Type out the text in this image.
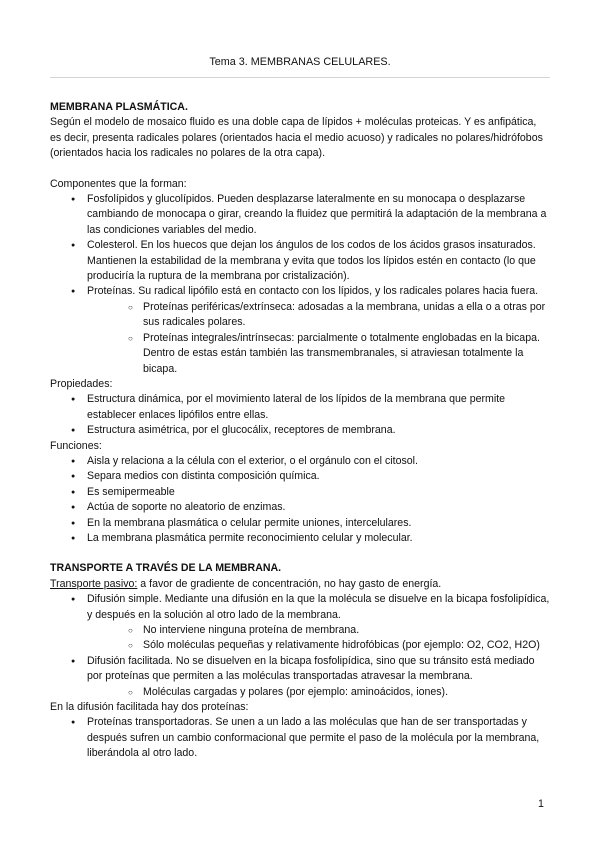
Tema 3. MEMBRANAS CELULARES.

MEMBRANA PLASMÁTICA.

Según el modelo de mosaico fluido es una doble capa de lípidos + moléculas proteicas. Y es anfipática, es decir, presenta radicales polares (orientados hacia el medio acuoso) y radicales no polares/hidrófobos (orientados hacia los radicales no polares de la otra capa).

Componentes que la forman:

● Fosfolípidos y glucolípidos. Pueden desplazarse lateralmente en su monocapa o desplazarse cambiando de monocapa o girar, creando la fluidez que permitirá la adaptación de la membrana a las condiciones variables del medio.
● Colesterol. En los huecos que dejan los ángulos de los codos de los ácidos grasos insaturados. Mantienen la estabilidad de la membrana y evita que todos los lípidos estén en contacto (lo que produciría la ruptura de la membrana por cristalización).
● Proteínas. Su radical lipófilo está en contacto con los lípidos, y los radicales polares hacia fuera.
○ Proteínas periféricas/extrínseca: adosadas a la membrana, unidas a ella o a otras por sus radicales polares.
○ Proteínas integrales/intrínsecas: parcialmente o totalmente englobadas en la bicapa. Dentro de estas están también las transmembranales, si atraviesan totalmente la bicapa.

Propiedades:

● Estructura dinámica, por el movimiento lateral de los lípidos de la membrana que permite establecer enlaces lipófilos entre ellas.
● Estructura asimétrica, por el glucocálix, receptores de membrana.

Funciones:

● Aisla y relaciona a la célula con el exterior, o el orgánulo con el citosol.
● Separa medios con distinta composición química.
● Es semipermeable
● Actúa de soporte no aleatorio de enzimas.
● En la membrana plasmática o celular permite uniones, intercelulares.
● La membrana plasmática permite reconocimiento celular y molecular.

TRANSPORTE A TRAVÉS DE LA MEMBRANA.

Transporte pasivo: a favor de gradiente de concentración, no hay gasto de energía.

● Difusión simple. Mediante una difusión en la que la molécula se disuelve en la bicapa fosfolipídica, y después en la solución al otro lado de la membrana.
○ No interviene ninguna proteína de membrana.
○ Sólo moléculas pequeñas y relativamente hidrofóbicas (por ejemplo: O2, CO2, H2O)
● Difusión facilitada. No se disuelven en la bicapa fosfolipídica, sino que su tránsito está mediado por proteínas que permiten a las moléculas transportadas atravesar la membrana.
○ Moléculas cargadas y polares (por ejemplo: aminoácidos, iones).

En la difusión facilitada hay dos proteínas:

● Proteínas transportadoras. Se unen a un lado a las moléculas que han de ser transportadas y después sufren un cambio conformacional que permite el paso de la molécula por la membrana, liberándola al otro lado.
1
